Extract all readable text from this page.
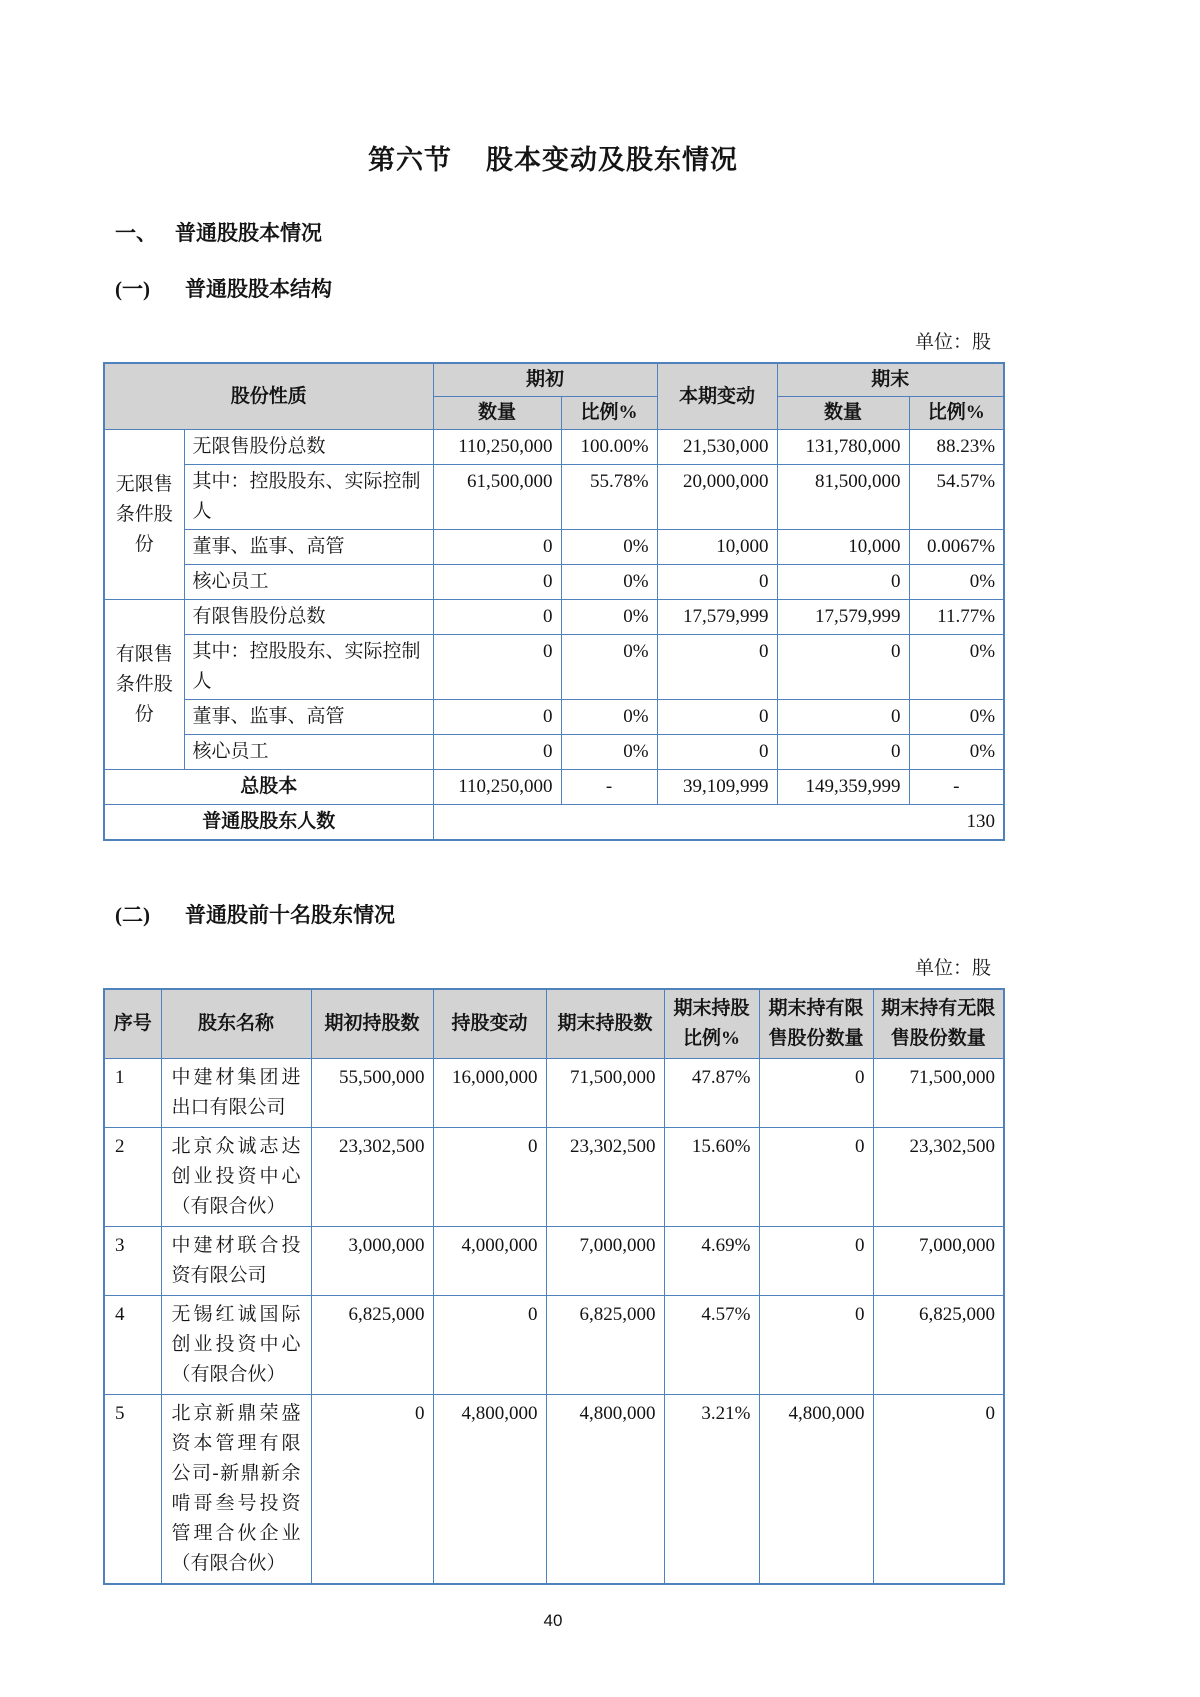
第六节 股本变动及股东情况
一、 普通股股本情况
(一) 普通股股本结构
单位：股
股份性质		期初		本期变动	期末	
		数量	比例%		数量	比例%
无限售条件股份	无限售股份总数	110,250,000	100.00%	21,530,000	131,780,000	88.23%
	其中：控股股东、实际控制人	61,500,000	55.78%	20,000,000	81,500,000	54.57%
	董事、监事、高管	0	0%	10,000	10,000	0.0067%
	核心员工	0	0%	0	0	0%
有限售条件股份	有限售股份总数	0	0%	17,579,999	17,579,999	11.77%
	其中：控股股东、实际控制人	0	0%	0	0	0%
	董事、监事、高管	0	0%	0	0	0%
	核心员工	0	0%	0	0	0%
总股本		110,250,000	-	39,109,999	149,359,999	-
普通股股东人数		130				
(二) 普通股前十名股东情况
单位：股
序号	股东名称	期初持股数	持股变动	期末持股数	期末持股比例%	期末持有限售股份数量	期末持有无限售股份数量
1	中建材集团进出口有限公司	55,500,000	16,000,000	71,500,000	47.87%	0	71,500,000
2	北京众诚志达创业投资中心（有限合伙）	23,302,500	0	23,302,500	15.60%	0	23,302,500
3	中建材联合投资有限公司	3,000,000	4,000,000	7,000,000	4.69%	0	7,000,000
4	无锡红诚国际创业投资中心（有限合伙）	6,825,000	0	6,825,000	4.57%	0	6,825,000
5	北京新鼎荣盛资本管理有限公司-新鼎新余啃哥叁号投资管理合伙企业（有限合伙）	0	4,800,000	4,800,000	3.21%	4,800,000	0
40
